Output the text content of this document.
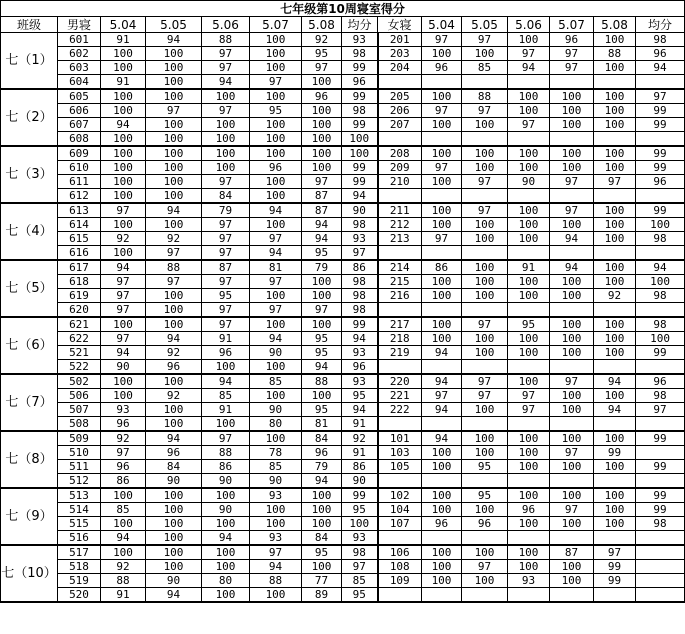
七年级第10周寝室得分														
班级	男寝	5.04	5.05	5.06	5.07	5.08	均分	女寝	5.04	5.05	5.06	5.07	5.08	均分
七（1）	601	91	94	88	100	92	93	201	97	97	100	96	100	98
	602	100	100	97	100	95	98	203	100	100	97	97	88	96
	603	100	100	97	100	97	99	204	96	85	94	97	100	94
	604	91	100	94	97	100	96							
七（2）	605	100	100	100	100	96	99	205	100	88	100	100	100	97
	606	100	97	97	95	100	98	206	97	97	100	100	100	99
	607	94	100	100	100	100	99	207	100	100	97	100	100	99
	608	100	100	100	100	100	100							
七（3）	609	100	100	100	100	100	100	208	100	100	100	100	100	99
	610	100	100	100	96	100	99	209	97	100	100	100	100	99
	611	100	100	97	100	97	99	210	100	97	90	97	97	96
	612	100	100	84	100	87	94							
七（4）	613	97	94	79	94	87	90	211	100	97	100	97	100	99
	614	100	100	97	100	94	98	212	100	100	100	100	100	100
	615	92	92	97	97	94	93	213	97	100	100	94	100	98
	616	100	97	97	94	95	97							
七（5）	617	94	88	87	81	79	86	214	86	100	91	94	100	94
	618	97	97	97	97	100	98	215	100	100	100	100	100	100
	619	97	100	95	100	100	98	216	100	100	100	100	92	98
	620	97	100	97	97	97	98							
七（6）	621	100	100	97	100	100	99	217	100	97	95	100	100	98
	622	97	94	91	94	95	94	218	100	100	100	100	100	100
	521	94	92	96	90	95	93	219	94	100	100	100	100	99
	522	90	96	100	100	94	96							
七（7）	502	100	100	94	85	88	93	220	94	97	100	97	94	96
	506	100	92	85	100	100	95	221	97	97	97	100	100	98
	507	93	100	91	90	95	94	222	94	100	97	100	94	97
	508	96	100	100	80	81	91							
七（8）	509	92	94	97	100	84	92	101	94	100	100	100	100	99
	510	97	96	88	78	96	91	103	100	100	100	97	99	
	511	96	84	86	85	79	86	105	100	95	100	100	100	99
	512	86	90	90	90	94	90							
七（9）	513	100	100	100	93	100	99	102	100	95	100	100	100	99
	514	85	100	90	100	100	95	104	100	100	96	97	100	99
	515	100	100	100	100	100	100	107	96	96	100	100	100	98
	516	94	100	94	93	84	93							
七（10）	517	100	100	100	97	95	98	106	100	100	100	87	97	
	518	92	100	100	94	100	97	108	100	97	100	100	99	
	519	88	90	80	88	77	85	109	100	100	93	100	99	
	520	91	94	100	100	89	95							
